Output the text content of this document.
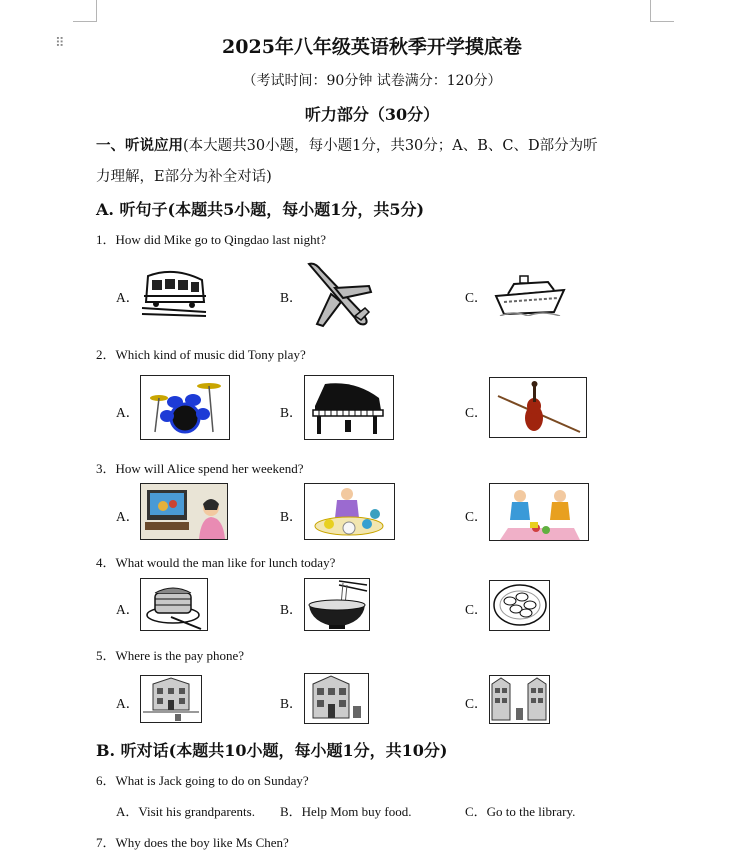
⠿	2025年八年级英语秋季开学摸底卷
（考试时间：90分钟 试卷满分：120分）
听力部分（30分）
一、听说应用(本大题共30小题，每小题1分，共30分；A、B、C、D部分为听
力理解，E部分为补全对话)
A. 听句子(本题共5小题，每小题1分，共5分)
1．How did Mike go to Qingdao last night?
A．	B．	C．
2．Which kind of music did Tony play?
A．	B．	C．
3．How will Alice spend her weekend?
A．	B．	C．
4．What would the man like for lunch today?
A．	B．	C．
5．Where is the pay phone?
A．	B．	C．
B. 听对话(本题共10小题，每小题1分，共10分)
6．What is Jack going to do on Sunday?
A．Visit his grandparents. B．Help Mom buy food.	C．Go to the library.
7．Why does the boy like Ms Chen?
